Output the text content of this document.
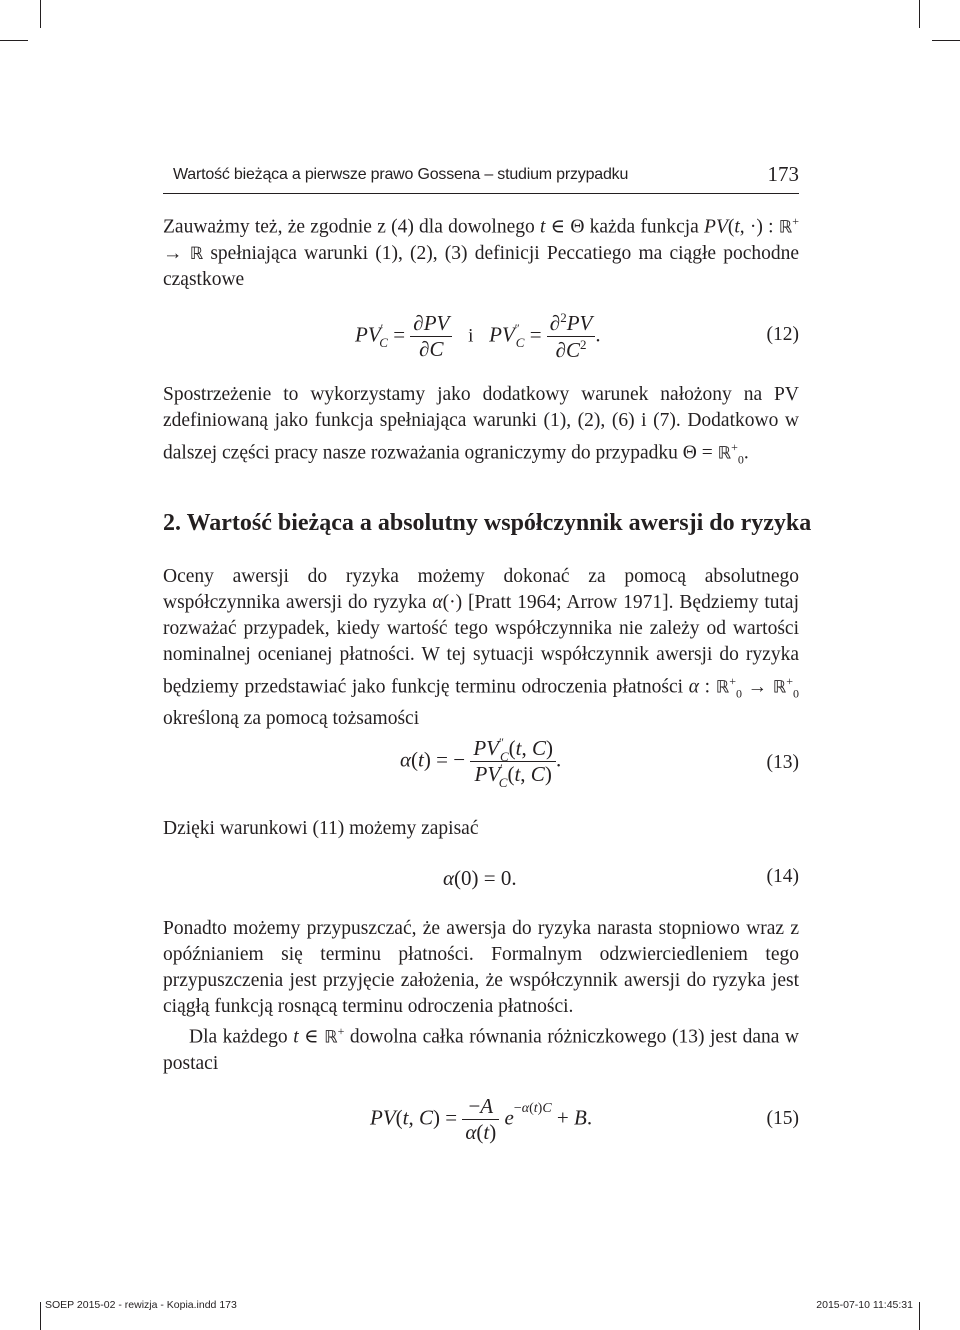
Wartość bieżąca a pierwsze prawo Gossena – studium przypadku	173
Zauważmy też, że zgodnie z (4) dla dowolnego t ∈ Θ każda funkcja PV(t, ·) : ℝ+ → ℝ spełniająca warunki (1), (2), (3) definicji Peccatiego ma ciągłe pochodne cząstkowe
$PV'_C = \frac{\partial PV}{\partial C}$ i $PV''_C = \frac{\partial^2PV}{\partial C^2}$ .	(12)
Spostrzeżenie to wykorzystamy jako dodatkowy warunek nałożony na PV zdefiniowaną jako funkcja spełniająca warunki (1), (2), (6) i (7). Dodatkowo w dalszej części pracy nasze rozważania ograniczymy do przypadku Θ = ℝ+$_0$.
2. Wartość bieżąca a absolutny współczynnik awersji do ryzyka
Oceny awersji do ryzyka możemy dokonać za pomocą absolutnego współczynnika awersji do ryzyka α(·) [Pratt 1964; Arrow 1971]. Będziemy tutaj rozważać przypadek, kiedy wartość tego współczynnika nie zależy od wartości nominalnej ocenianej płatności. W tej sytuacji współczynnik awersji do ryzyka będziemy przedstawiać jako funkcję terminu odroczenia płatności α : ℝ+$_0$ → ℝ+$_0$ określoną za pomocą tożsamości
α(t) = − $\frac{PV''_C(t, C)}{PV'_C(t, C)}$ .	(13)
Dzięki warunkowi (11) możemy zapisać
α(0) = 0.	(14)
Ponadto możemy przypuszczać, że awersja do ryzyka narasta stopniowo wraz z opóźnianiem się terminu płatności. Formalnym odzwierciedleniem tego przypuszczenia jest przyjęcie założenia, że współczynnik awersji do ryzyka jest ciągłą funkcją rosnącą terminu odroczenia płatności.
Dla każdego t ∈ ℝ+ dowolna całka równania różniczkowego (13) jest dana w postaci
PV(t, $C) = \frac{-A}{\alpha(t)} e^{-\alpha(t)C} + B$.	(15)
SOEP 2015-02 - rewizja - Kopia.indd 173	2015-07-10 11:45:31
